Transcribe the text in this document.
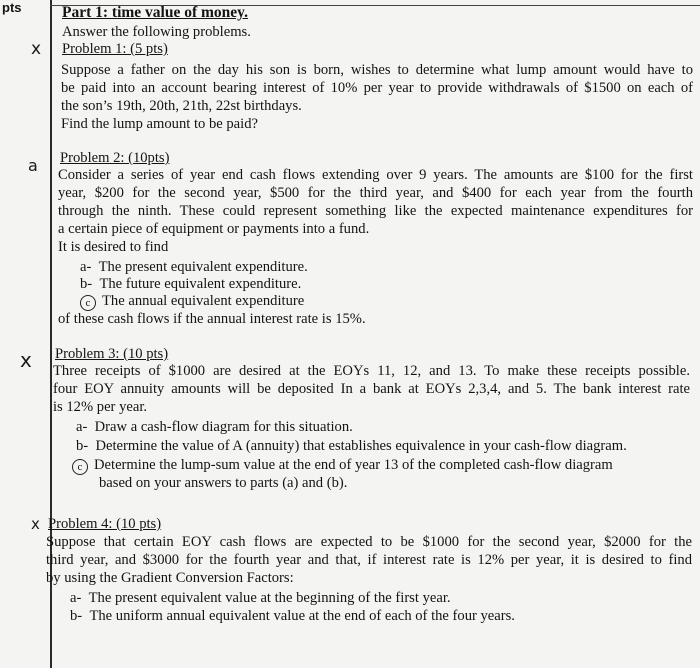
pts
x
a
x
x
Part 1: time value of money.
Answer the following problems.
Problem 1: (5 pts)
Suppose a father on the day his son is born, wishes to determine what lump amount would have to
be paid into an account bearing interest of 10% per year to provide withdrawals of $1500 on each of
the son’s 19th, 20th, 21th, 22st birthdays.
Find the lump amount to be paid?
Problem 2: (10pts)
Consider a series of year end cash flows extending over 9 years. The amounts are $100 for the first
year, $200 for the second year, $500 for the third year, and $400 for each year from the fourth
through the ninth. These could represent something like the expected maintenance expenditures for
a certain piece of equipment or payments into a fund.
It is desired to find
a- The present equivalent expenditure.
b- The future equivalent expenditure.
c The annual equivalent expenditure
of these cash flows if the annual interest rate is 15%.
Problem 3: (10 pts)
Three receipts of $1000 are desired at the EOYs 11, 12, and 13. To make these receipts possible.
four EOY annuity amounts will be deposited In a bank at EOYs 2,3,4, and 5. The bank interest rate
is 12% per year.
a- Draw a cash-flow diagram for this situation.
b- Determine the value of A (annuity) that establishes equivalence in your cash-flow diagram.
c Determine the lump-sum value at the end of year 13 of the completed cash-flow diagram
based on your answers to parts (a) and (b).
Problem 4: (10 pts)
Suppose that certain EOY cash flows are expected to be $1000 for the second year, $2000 for the
third year, and $3000 for the fourth year and that, if interest rate is 12% per year, it is desired to find
by using the Gradient Conversion Factors:
a- The present equivalent value at the beginning of the first year.
b- The uniform annual equivalent value at the end of each of the four years.
